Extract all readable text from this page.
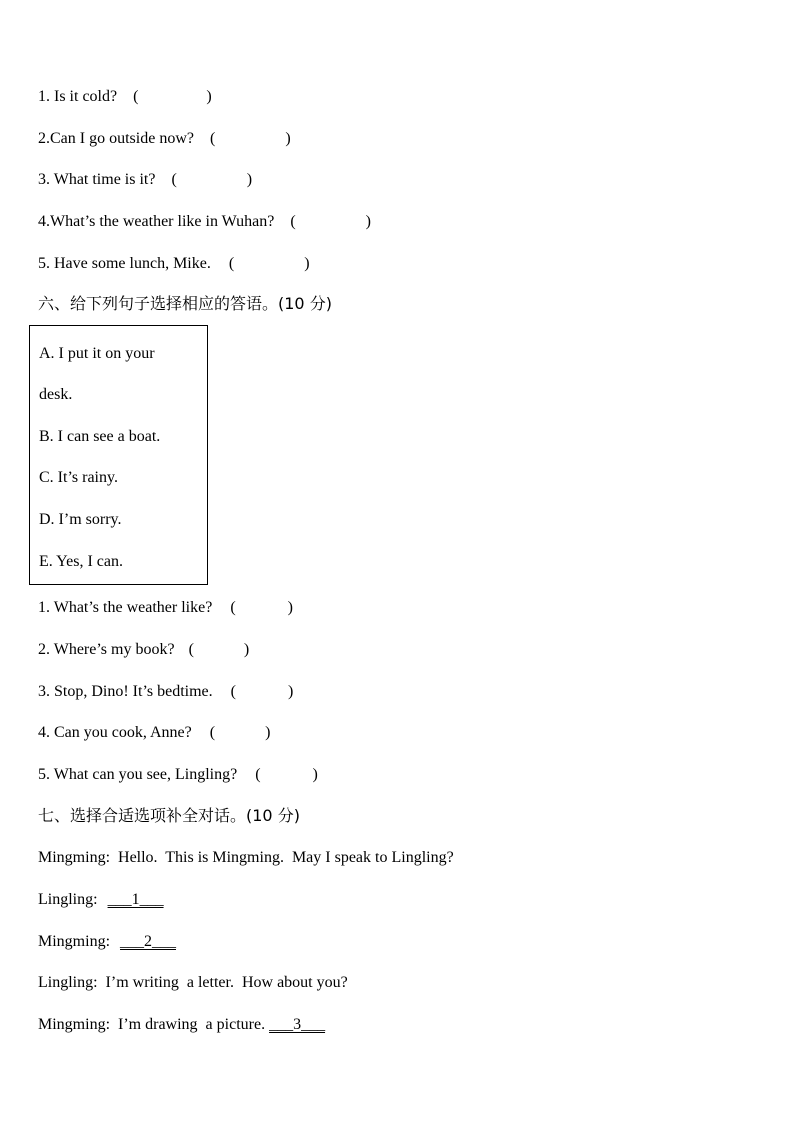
1. Is it cold? (	)
2.Can I go outside now? (	)
3. What time is it? (	)
4.What’s the weather like in Wuhan? (	)
5. Have some lunch, Mike. (	)
六、给下列句子选择相应的答语。(10 分)
A. I put it on your
desk.
B. I can see a boat.
C. It’s rainy.
D. I’m sorry.
E. Yes, I can.
1. What’s the weather like? (	)
2. Where’s my book? (	)
3. Stop, Dino! It’s bedtime. (	)
4. Can you cook, Anne? (	)
5. What can you see, Lingling? (	)
七、选择合适选项补全对话。(10 分)
Mingming:  Hello.  This is Mingming.  May I speak to Lingling?
Lingling: ___1___
Mingming: ___2___
Lingling:  I’m writing  a letter.  How about you?
Mingming:  I’m drawing  a picture. ___3___
